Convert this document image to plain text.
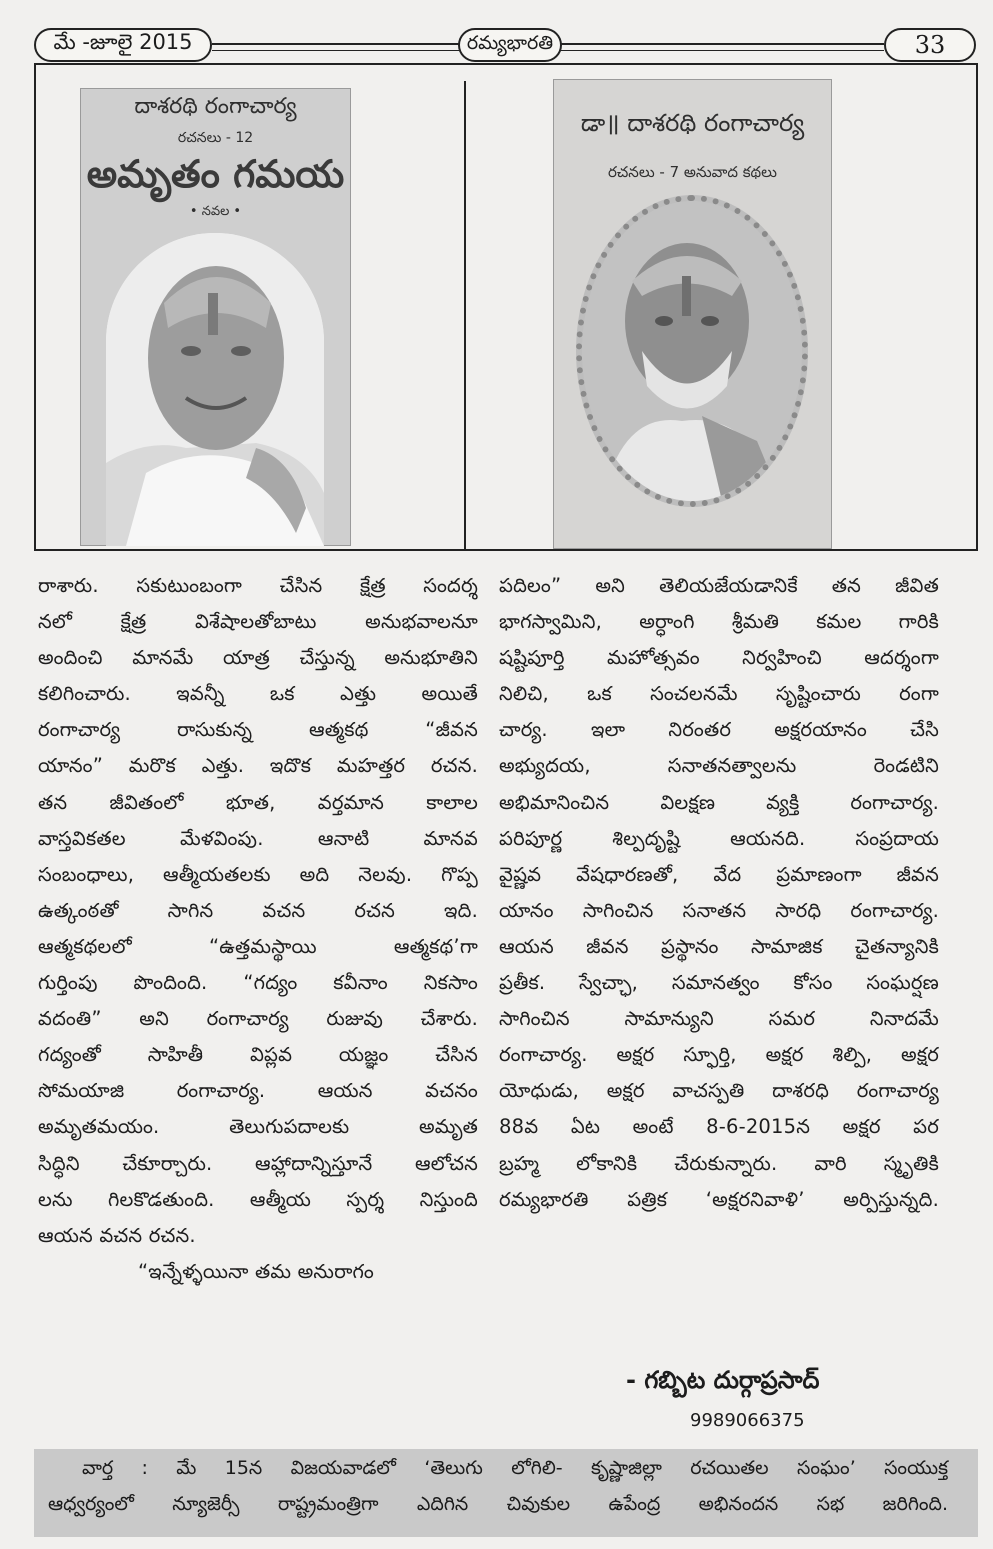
మే -జూలై 2015	రమ్యభారతి	33
దాశరథి రంగాచార్య
రచనలు - 12
అమృతం గమయ
• నవల •
డా॥ దాశరథి రంగాచార్య
రచనలు - 7 అనువాద కథలు
రాశారు. సకుటుంబంగా చేసిన క్షేత్ర సందర్శ
నలో క్షేత్ర విశేషాలతోబాటు అనుభవాలనూ
అందించి మానమే యాత్ర చేస్తున్న అనుభూతిని
కలిగించారు. ఇవన్నీ ఒక ఎత్తు అయితే
రంగాచార్య రాసుకున్న ఆత్మకథ “జీవన
యానం” మరొక ఎత్తు. ఇదొక మహత్తర రచన.
తన జీవితంలో భూత, వర్తమాన కాలాల
వాస్తవికతల మేళవింపు. ఆనాటి మానవ
సంబంధాలు, ఆత్మీయతలకు అది నెలవు. గొప్ప
ఉత్కంఠతో సాగిన వచన రచన ఇది.
ఆత్మకథలలో “ఉత్తమస్థాయి ఆత్మకథ’గా
గుర్తింపు పొందింది. “గద్యం కవీనాం నికసాం
వదంతి” అని రంగాచార్య రుజువు చేశారు.
గద్యంతో సాహితీ విప్లవ యజ్ఞం చేసిన
సోమయాజి రంగాచార్య. ఆయన వచనం
అమృతమయం. తెలుగుపదాలకు అమృత
సిద్ధిని చేకూర్చారు. ఆహ్లాదాన్నిస్తూనే ఆలోచన
లను గిలకొడతుంది. ఆత్మీయ స్పర్శ నిస్తుంది
ఆయన వచన రచన.
“ఇన్నేళ్ళయినా తమ అనురాగం
పదిలం” అని తెలియజేయడానికే తన జీవిత
భాగస్వామిని, అర్ధాంగి శ్రీమతి కమల గారికి
షష్టిపూర్తి మహోత్సవం నిర్వహించి ఆదర్శంగా
నిలిచి, ఒక సంచలనమే సృష్టించారు రంగా
చార్య. ఇలా నిరంతర అక్షరయానం చేసి
అభ్యుదయ, సనాతనత్వాలను రెండటిని
అభిమానించిన విలక్షణ వ్యక్తి రంగాచార్య.
పరిపూర్ణ శిల్పదృష్టి ఆయనది. సంప్రదాయ
వైష్ణవ వేషధారణతో, వేద ప్రమాణంగా జీవన
యానం సాగించిన సనాతన సారధి రంగాచార్య.
ఆయన జీవన ప్రస్థానం సామాజిక చైతన్యానికి
ప్రతీక. స్వేచ్ఛా, సమానత్వం కోసం సంఘర్షణ
సాగించిన సామాన్యుని సమర నినాదమే
రంగాచార్య. అక్షర స్ఫూర్తి, అక్షర శిల్పి, అక్షర
యోధుడు, అక్షర వాచస్పతి దాశరధి రంగాచార్య
88వ ఏట అంటే 8-6-2015న అక్షర పర
బ్రహ్మ లోకానికి చేరుకున్నారు. వారి స్మృతికి
రమ్యభారతి పత్రిక ‘అక్షరనివాళి’ అర్పిస్తున్నది.
- గబ్బిట దుర్గాప్రసాద్
9989066375
వార్త : మే 15న విజయవాడలో ‘తెలుగు లోగిలి- కృష్ణాజిల్లా రచయితల సంఘం’ సంయుక్త
ఆధ్వర్యంలో న్యూజెర్సీ రాష్ట్రమంత్రిగా ఎదిగిన చివుకుల ఉపేంద్ర అభినందన సభ జరిగింది.
